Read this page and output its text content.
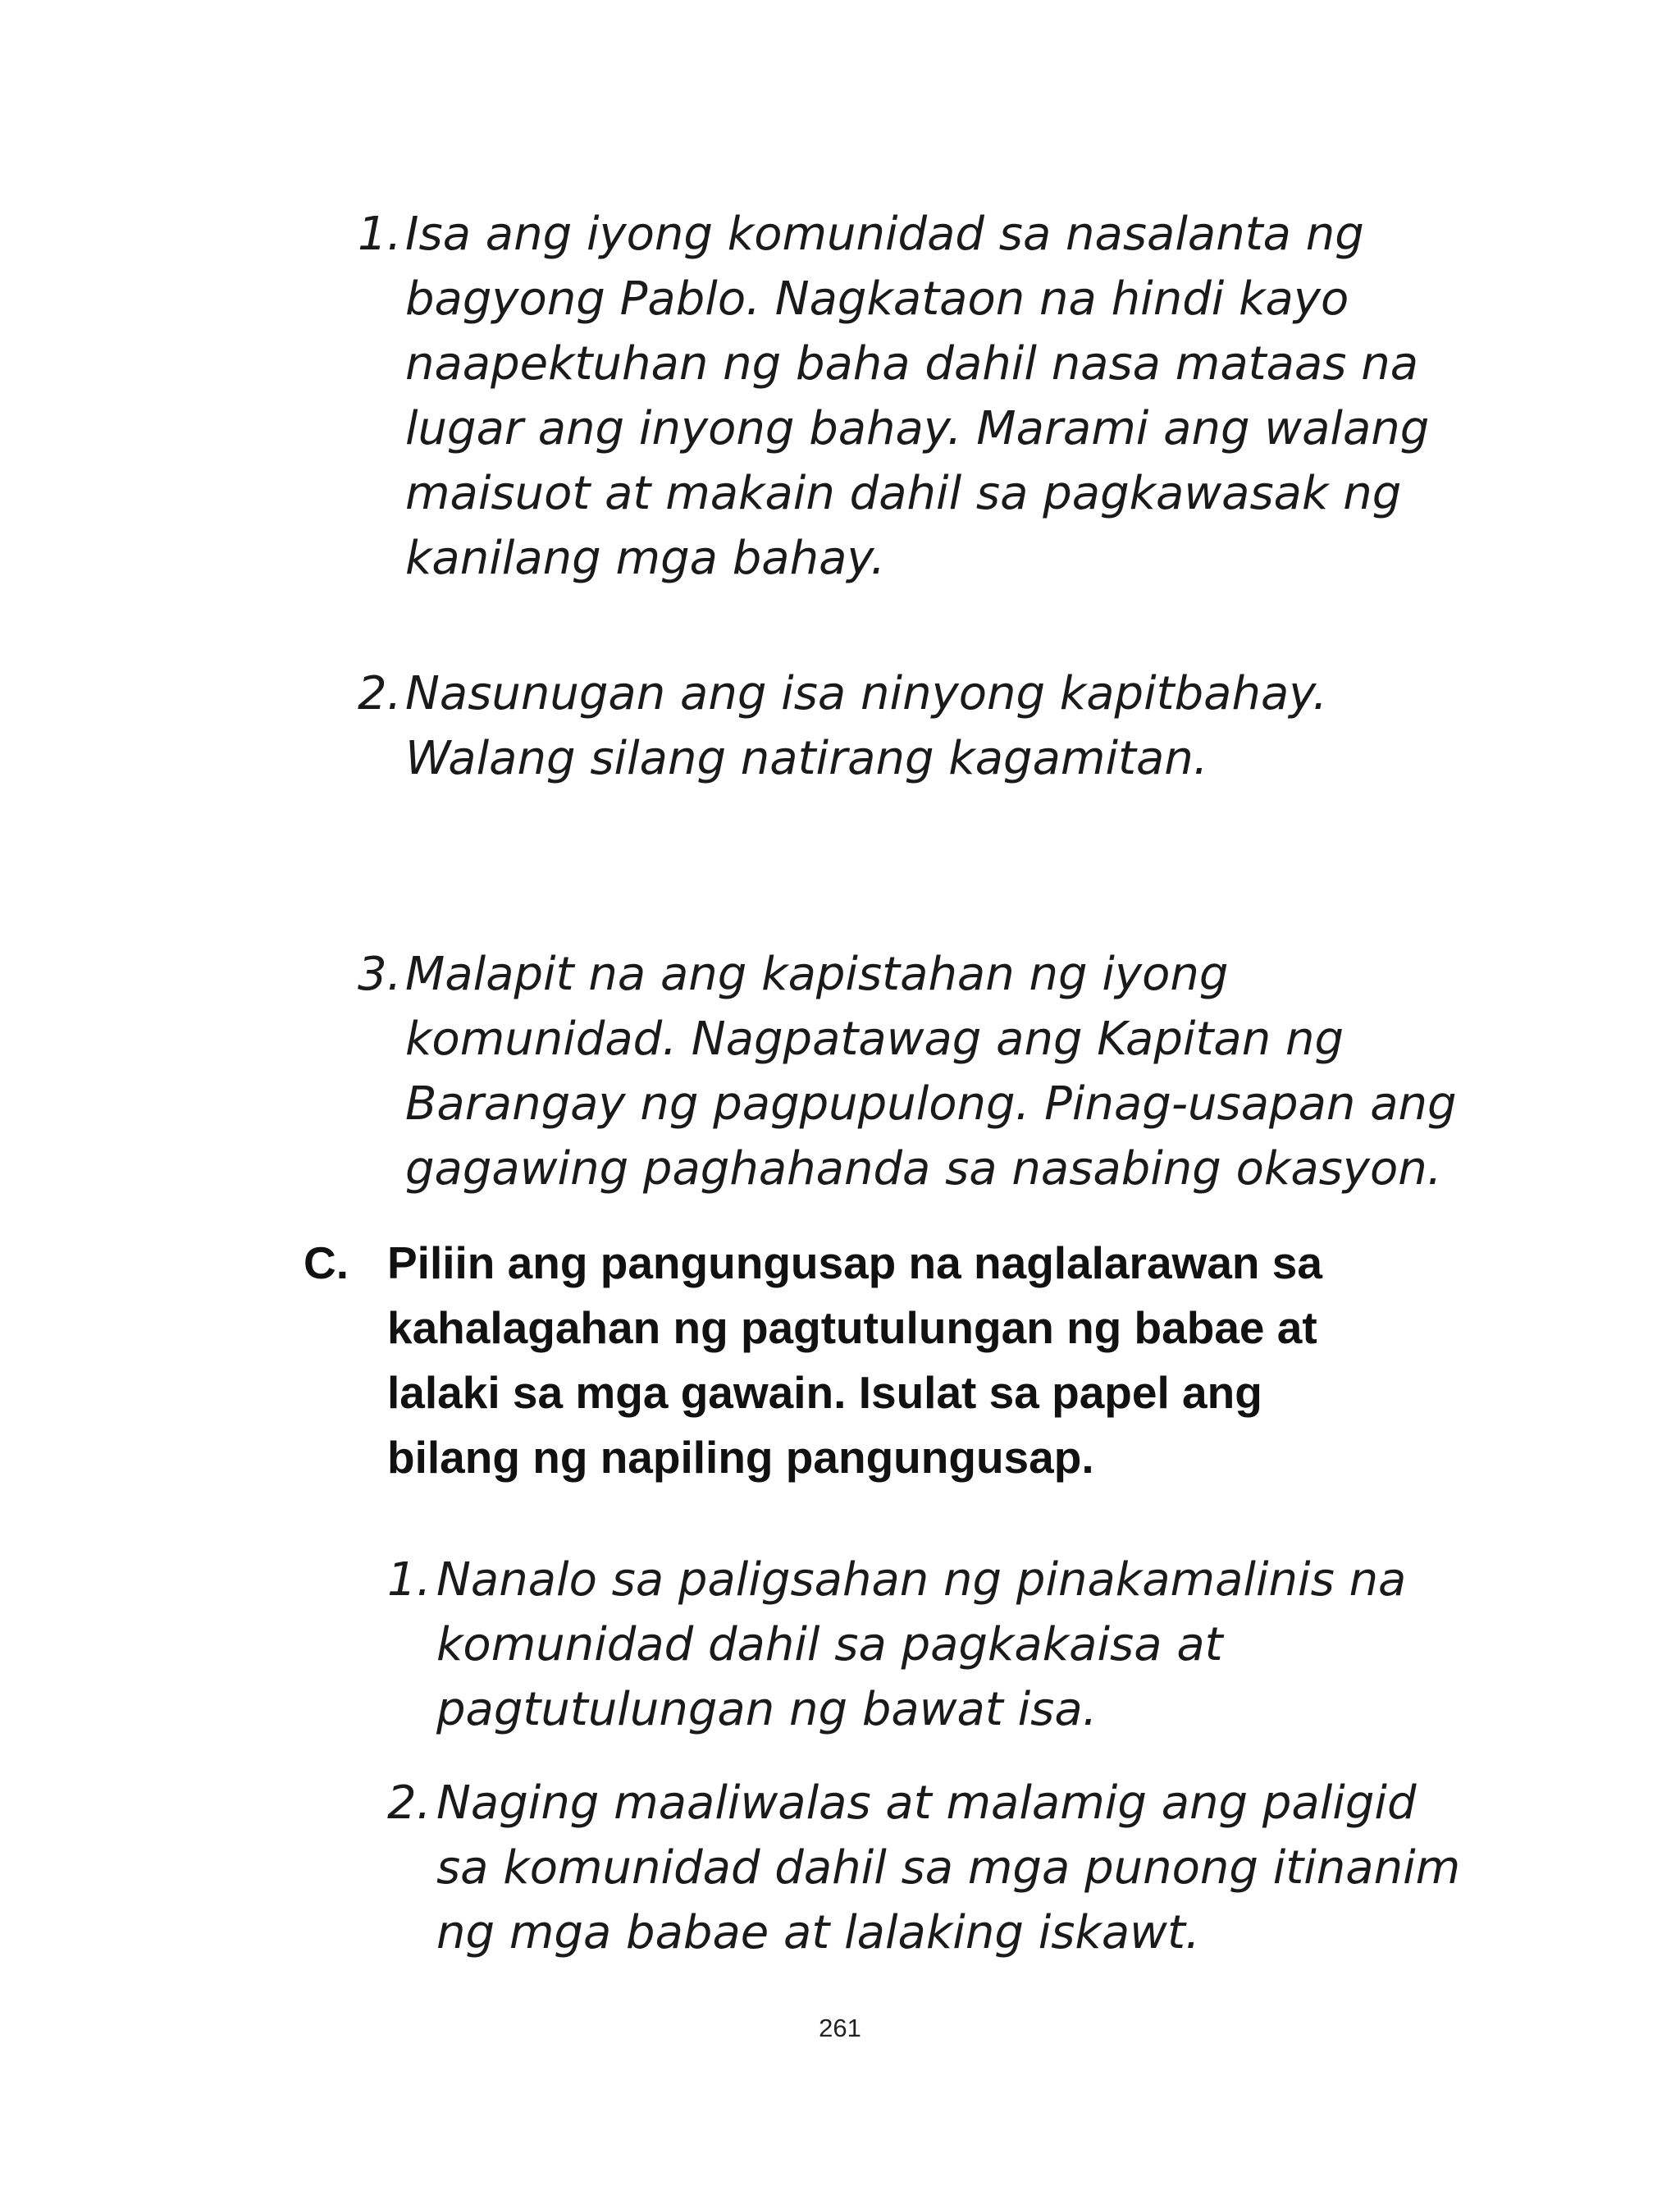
1. Isa ang iyong komunidad sa nasalanta ng
bagyong Pablo. Nagkataon na hindi kayo
naapektuhan ng baha dahil nasa mataas na
lugar ang inyong bahay. Marami ang walang
maisuot at makain dahil sa pagkawasak ng
kanilang mga bahay.
2. Nasunugan ang isa ninyong kapitbahay.
Walang silang natirang kagamitan.
3. Malapit na ang kapistahan ng iyong
komunidad. Nagpatawag ang Kapitan ng
Barangay ng pagpupulong. Pinag-usapan ang
gagawing paghahanda sa nasabing okasyon.
C. Piliin ang pangungusap na naglalarawan sa
kahalagahan ng pagtutulungan ng babae at
lalaki sa mga gawain. Isulat sa papel ang
bilang ng napiling pangungusap.
1. Nanalo sa paligsahan ng pinakamalinis na
komunidad dahil sa pagkakaisa at
pagtutulungan ng bawat isa.
2. Naging maaliwalas at malamig ang paligid
sa komunidad dahil sa mga punong itinanim
ng mga babae at lalaking iskawt.
261
